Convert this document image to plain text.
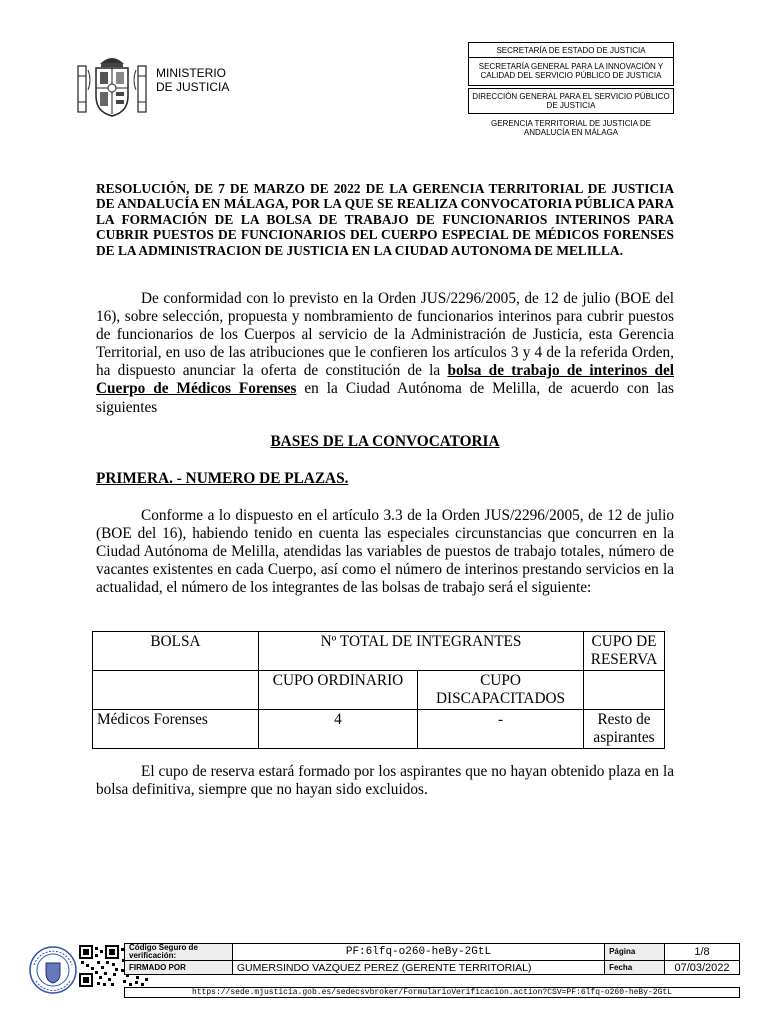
MINISTERIO
DE JUSTICIA
SECRETARÍA DE ESTADO DE JUSTICIA
SECRETARÍA GENERAL PARA LA INNOVACIÓN Y CALIDAD DEL SERVICIO PÚBLICO DE JUSTICIA
DIRECCIÓN GENERAL PARA EL SERVICIO PÚBLICO DE JUSTICIA
GERENCIA TERRITORIAL DE JUSTICIA DE ANDALUCÍA EN MÁLAGA
RESOLUCIÓN, DE 7 DE MARZO DE 2022 DE LA GERENCIA TERRITORIAL DE JUSTICIA DE ANDALUCÍA EN MÁLAGA, POR LA QUE SE REALIZA CONVOCATORIA PÚBLICA PARA LA FORMACIÓN DE LA BOLSA DE TRABAJO DE FUNCIONARIOS INTERINOS PARA CUBRIR PUESTOS DE FUNCIONARIOS DEL CUERPO ESPECIAL DE MÉDICOS FORENSES DE LA ADMINISTRACION DE JUSTICIA EN LA CIUDAD AUTONOMA DE MELILLA.
De conformidad con lo previsto en la Orden JUS/2296/2005, de 12 de julio (BOE del 16), sobre selección, propuesta y nombramiento de funcionarios interinos para cubrir puestos de funcionarios de los Cuerpos al servicio de la Administración de Justicia, esta Gerencia Territorial, en uso de las atribuciones que le confieren los artículos 3 y 4 de la referida Orden, ha dispuesto anunciar la oferta de constitución de la bolsa de trabajo de interinos del Cuerpo de Médicos Forenses en la Ciudad Autónoma de Melilla, de acuerdo con las siguientes
BASES DE LA CONVOCATORIA
PRIMERA. - NUMERO DE PLAZAS.
Conforme a lo dispuesto en el artículo 3.3 de la Orden JUS/2296/2005, de 12 de julio (BOE del 16), habiendo tenido en cuenta las especiales circunstancias que concurren en la Ciudad Autónoma de Melilla, atendidas las variables de puestos de trabajo totales, número de vacantes existentes en cada Cuerpo, así como el número de interinos prestando servicios en la actualidad, el número de los integrantes de las bolsas de trabajo será el siguiente:
BOLSA	Nº TOTAL DE INTEGRANTES		CUPO DE RESERVA
	CUPO ORDINARIO	CUPO DISCAPACITADOS	
Médicos Forenses	4	-	Resto de aspirantes
El cupo de reserva estará formado por los aspirantes que no hayan obtenido plaza en la bolsa definitiva, siempre que no hayan sido excluidos.
Código Seguro de verificación:	PF:6lfq-o260-heBy-2GtL	Página	1/8
FIRMADO POR	GUMERSINDO VAZQUEZ PEREZ (GERENTE TERRITORIAL)	Fecha	07/03/2022
https://sede.mjusticia.gob.es/sedecsvbroker/FormularioVerificacion.action?CSV=PF:6lfq-o260-heBy-2GtL
